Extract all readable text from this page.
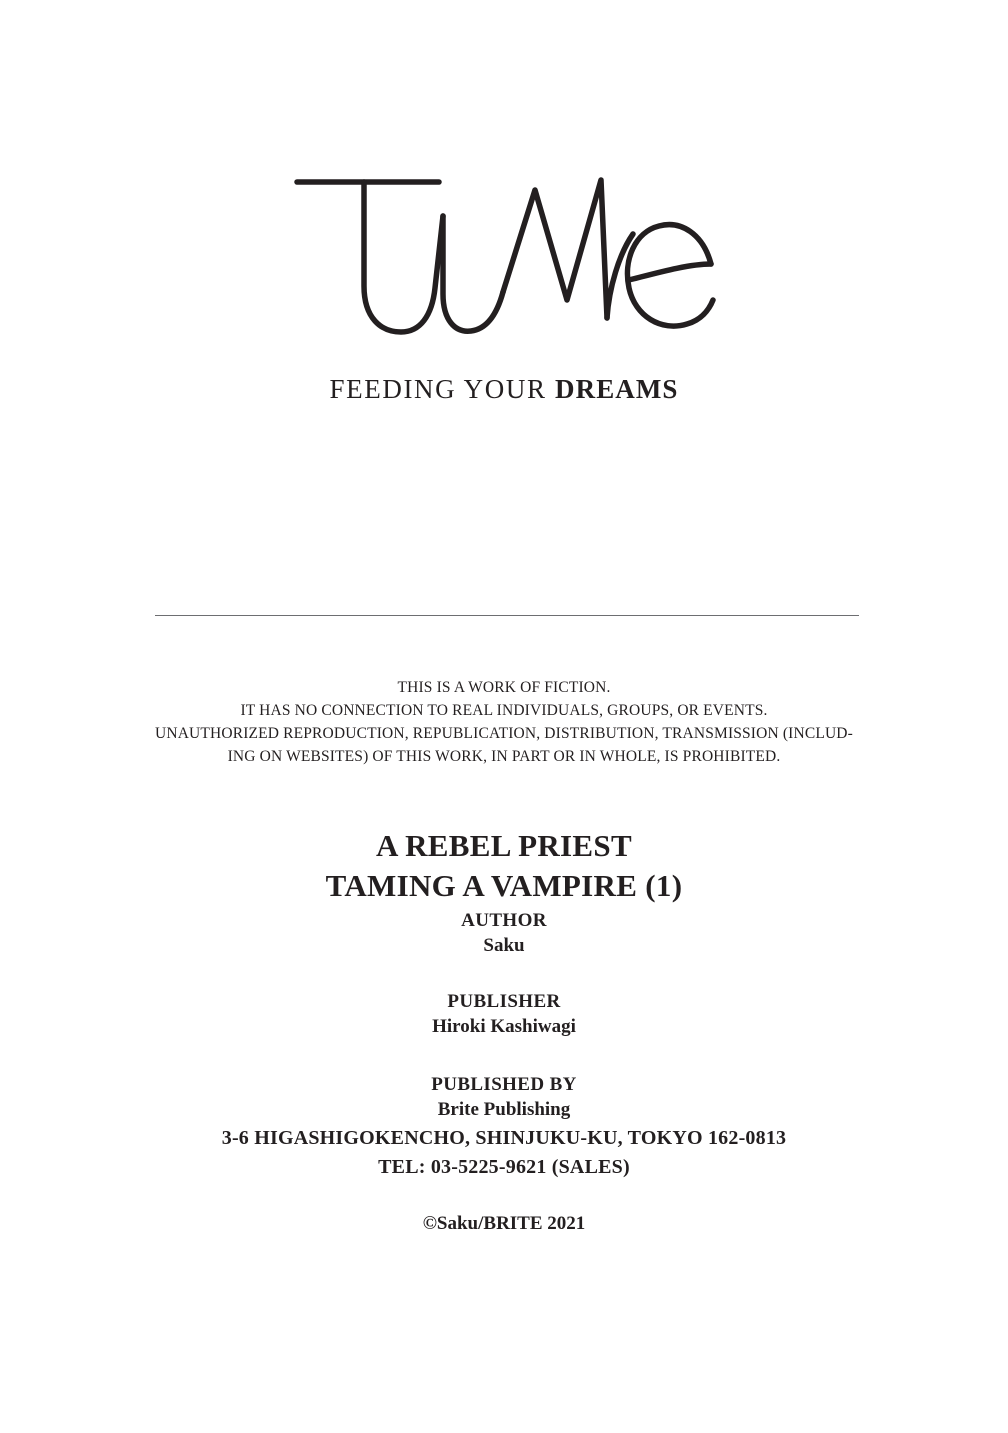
FEEDING YOUR DREAMS
THIS IS A WORK OF FICTION.
IT HAS NO CONNECTION TO REAL INDIVIDUALS, GROUPS, OR EVENTS.
UNAUTHORIZED REPRODUCTION, REPUBLICATION, DISTRIBUTION, TRANSMISSION (INCLUD-
ING ON WEBSITES) OF THIS WORK, IN PART OR IN WHOLE, IS PROHIBITED.
A REBEL PRIEST
TAMING A VAMPIRE (1)
AUTHOR
Saku
PUBLISHER
Hiroki Kashiwagi
PUBLISHED BY
Brite Publishing
3-6 HIGASHIGOKENCHO, SHINJUKU-KU, TOKYO 162-0813
TEL: 03-5225-9621 (SALES)
©Saku/BRITE 2021
